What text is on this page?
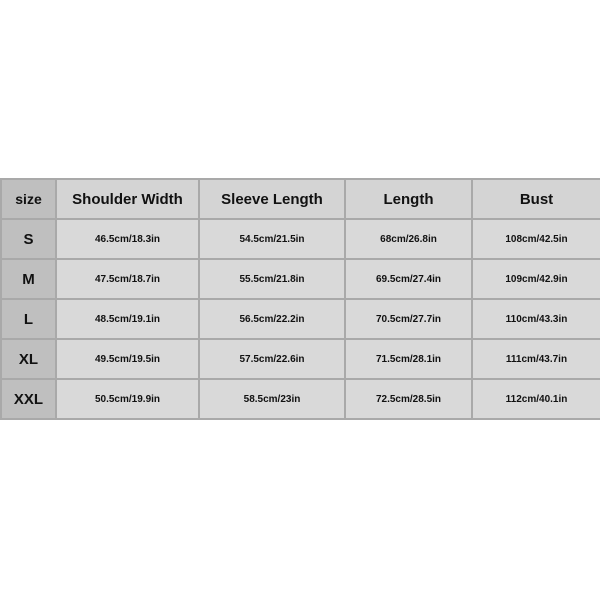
size	Shoulder Width	Sleeve Length	Length	Bust
S	46.5cm/18.3in	54.5cm/21.5in	68cm/26.8in	108cm/42.5in
M	47.5cm/18.7in	55.5cm/21.8in	69.5cm/27.4in	109cm/42.9in
L	48.5cm/19.1in	56.5cm/22.2in	70.5cm/27.7in	110cm/43.3in
XL	49.5cm/19.5in	57.5cm/22.6in	71.5cm/28.1in	111cm/43.7in
XXL	50.5cm/19.9in	58.5cm/23in	72.5cm/28.5in	112cm/40.1in
